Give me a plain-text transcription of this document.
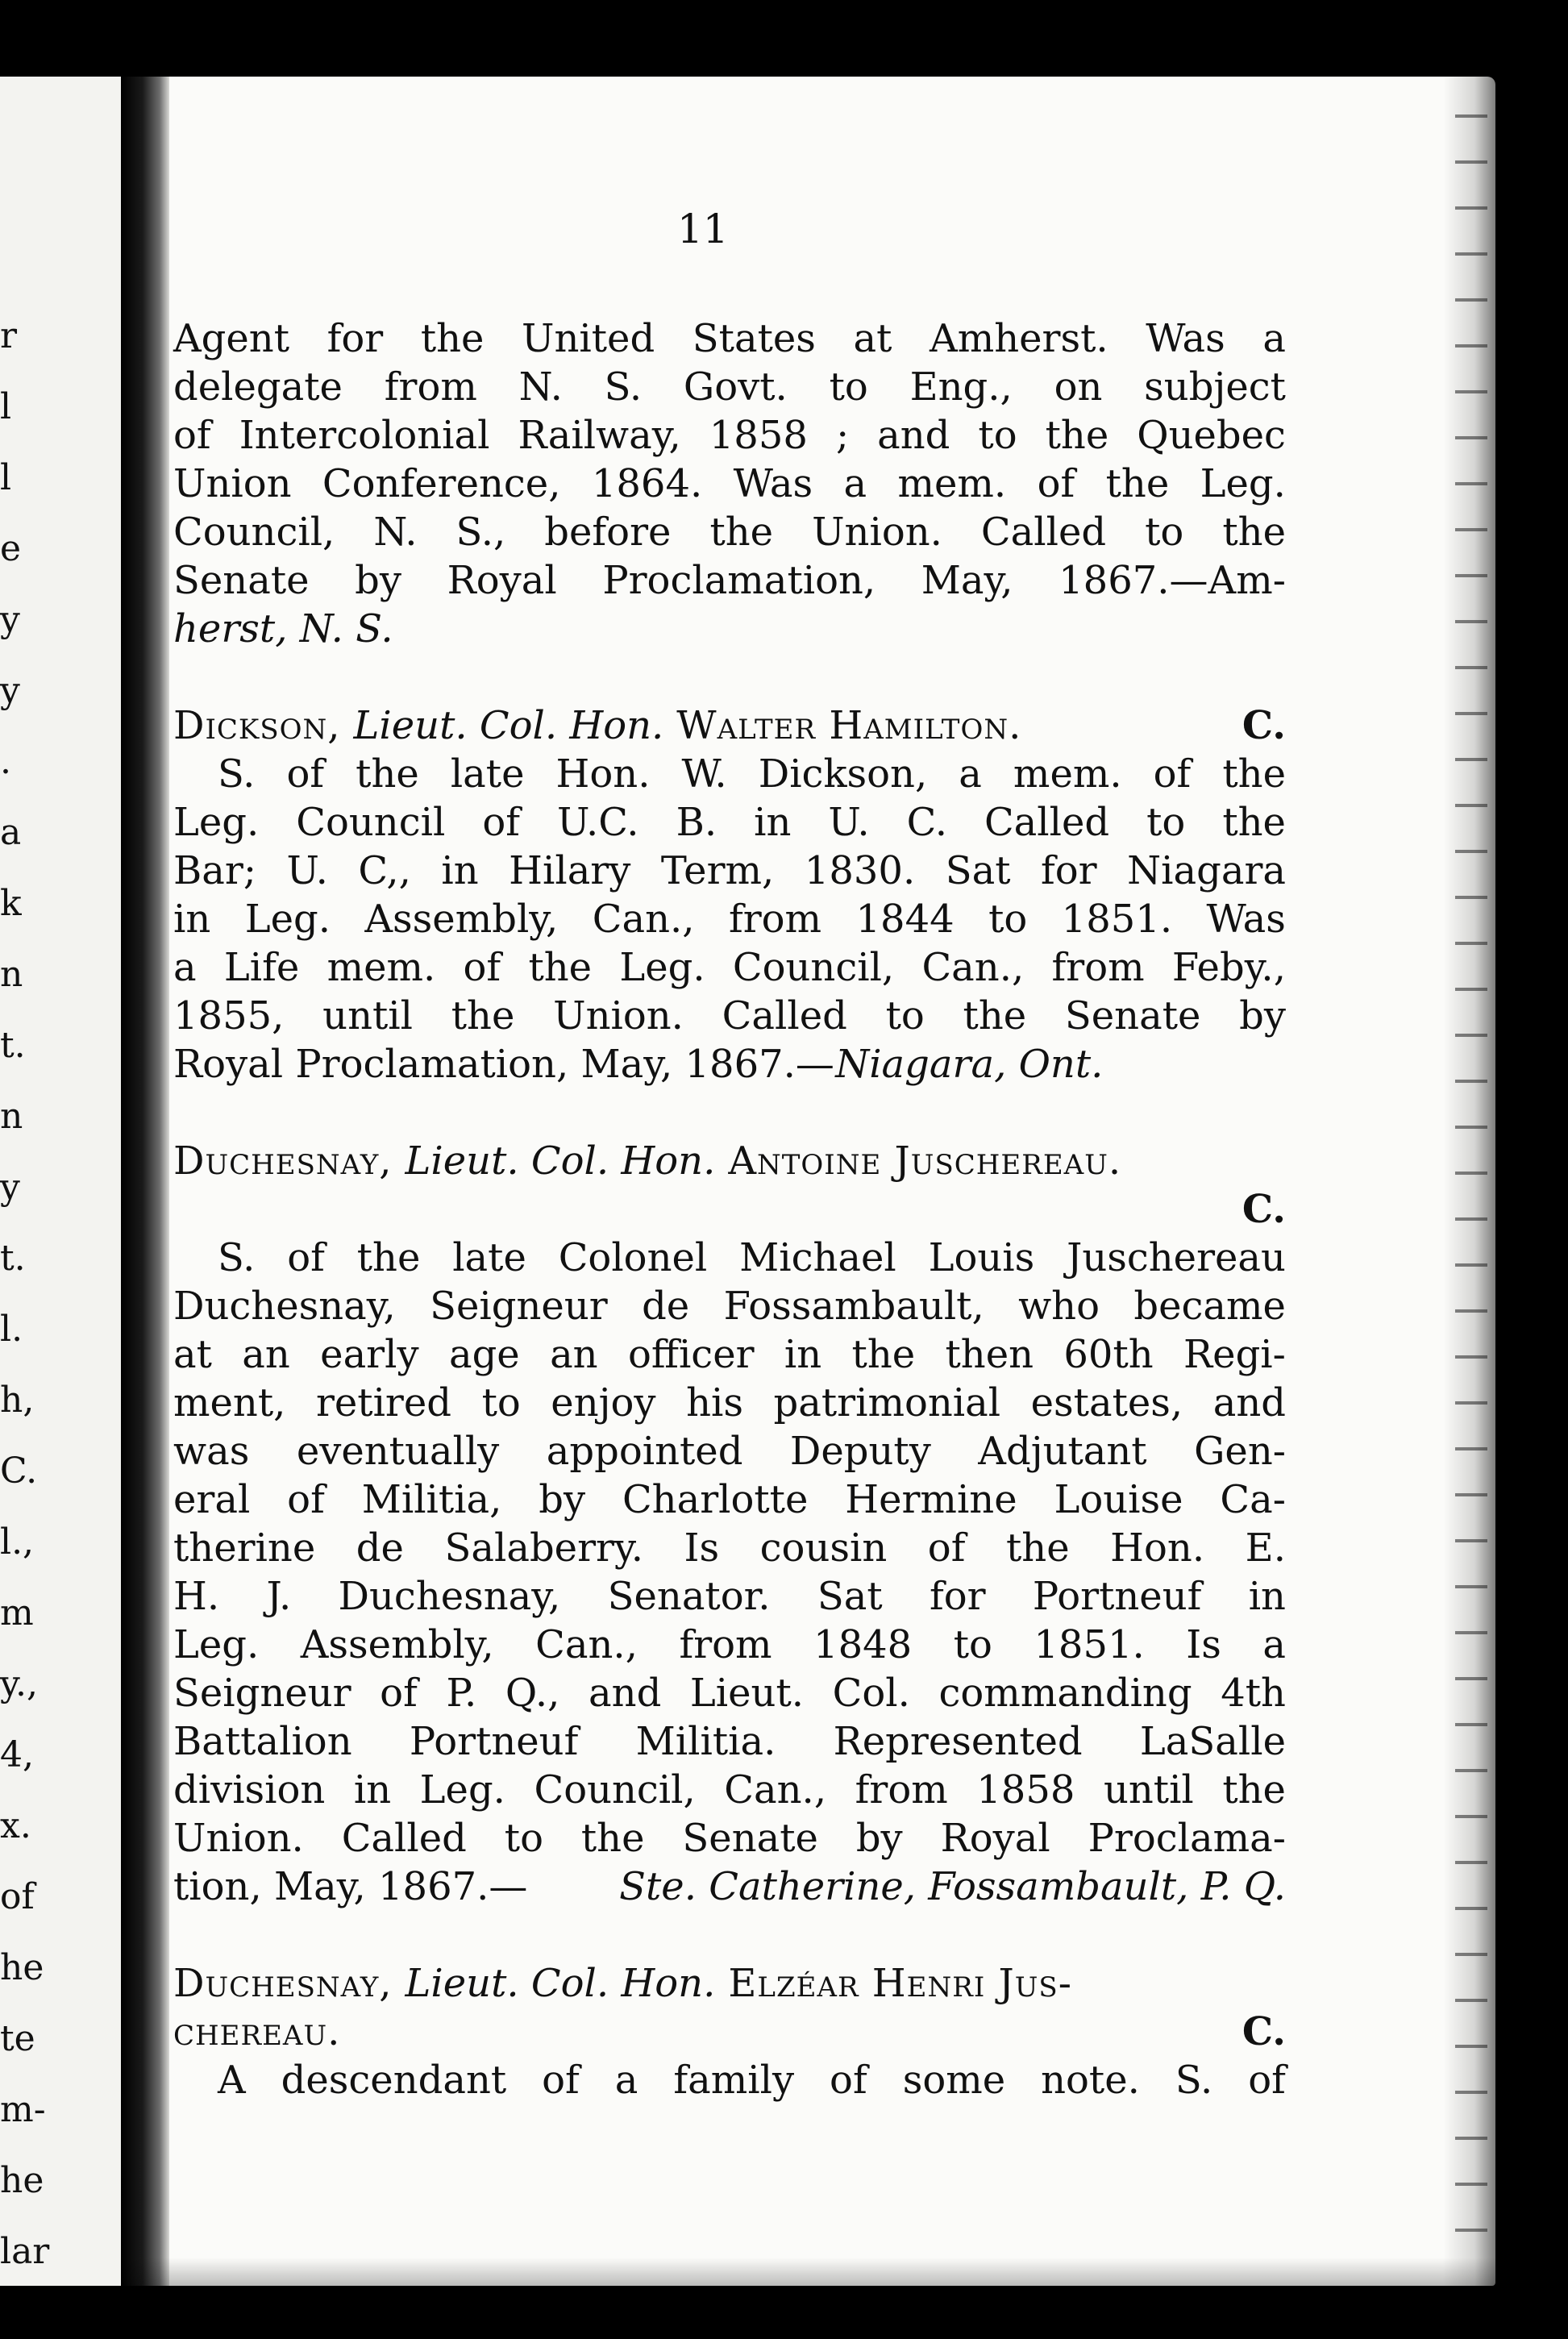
r
l
l
e
y
y
.
a
k
n
t.
n
y
t.
l.
h,
C.
l.,
m
y.,
4,
x.
of
he
te
m-
he
lar
11
Agent for the United States at Amherst. Was a
delegate from N. S. Govt. to Eng., on subject
of Intercolonial Railway, 1858 ; and to the Quebec
Union Conference, 1864. Was a mem. of the Leg.
Council, N. S., before the Union. Called to the
Senate by Royal Proclamation, May, 1867.—Am-
herst, N. S.
Dickson, Lieut. Col. Hon. Walter Hamilton.	C.
S. of the late Hon. W. Dickson, a mem. of the
Leg. Council of U.C. B. in U. C. Called to the
Bar; U. C,, in Hilary Term, 1830. Sat for Niagara
in Leg. Assembly, Can., from 1844 to 1851. Was
a Life mem. of the Leg. Council, Can., from Feby.,
1855, until the Union. Called to the Senate by
Royal Proclamation, May, 1867.— Niagara, Ont.
Duchesnay, Lieut. Col. Hon. Antoine Juschereau.
C.
S. of the late Colonel Michael Louis Juschereau
Duchesnay, Seigneur de Fossambault, who became
at an early age an officer in the then 60th Regi-
ment, retired to enjoy his patrimonial estates, and
was eventually appointed Deputy Adjutant Gen-
eral of Militia, by Charlotte Hermine Louise Ca-
therine de Salaberry. Is cousin of the Hon. E.
H. J. Duchesnay, Senator. Sat for Portneuf in
Leg. Assembly, Can., from 1848 to 1851. Is a
Seigneur of P. Q., and Lieut. Col. commanding 4th
Battalion Portneuf Militia. Represented LaSalle
division in Leg. Council, Can., from 1858 until the
Union. Called to the Senate by Royal Proclama-
tion, May, 1867.— Ste. Catherine, Fossambault, P. Q.
Duchesnay, Lieut. Col. Hon. Elzéar Henri Jus-
chereau.	C.
A descendant of a family of some note. S. of
